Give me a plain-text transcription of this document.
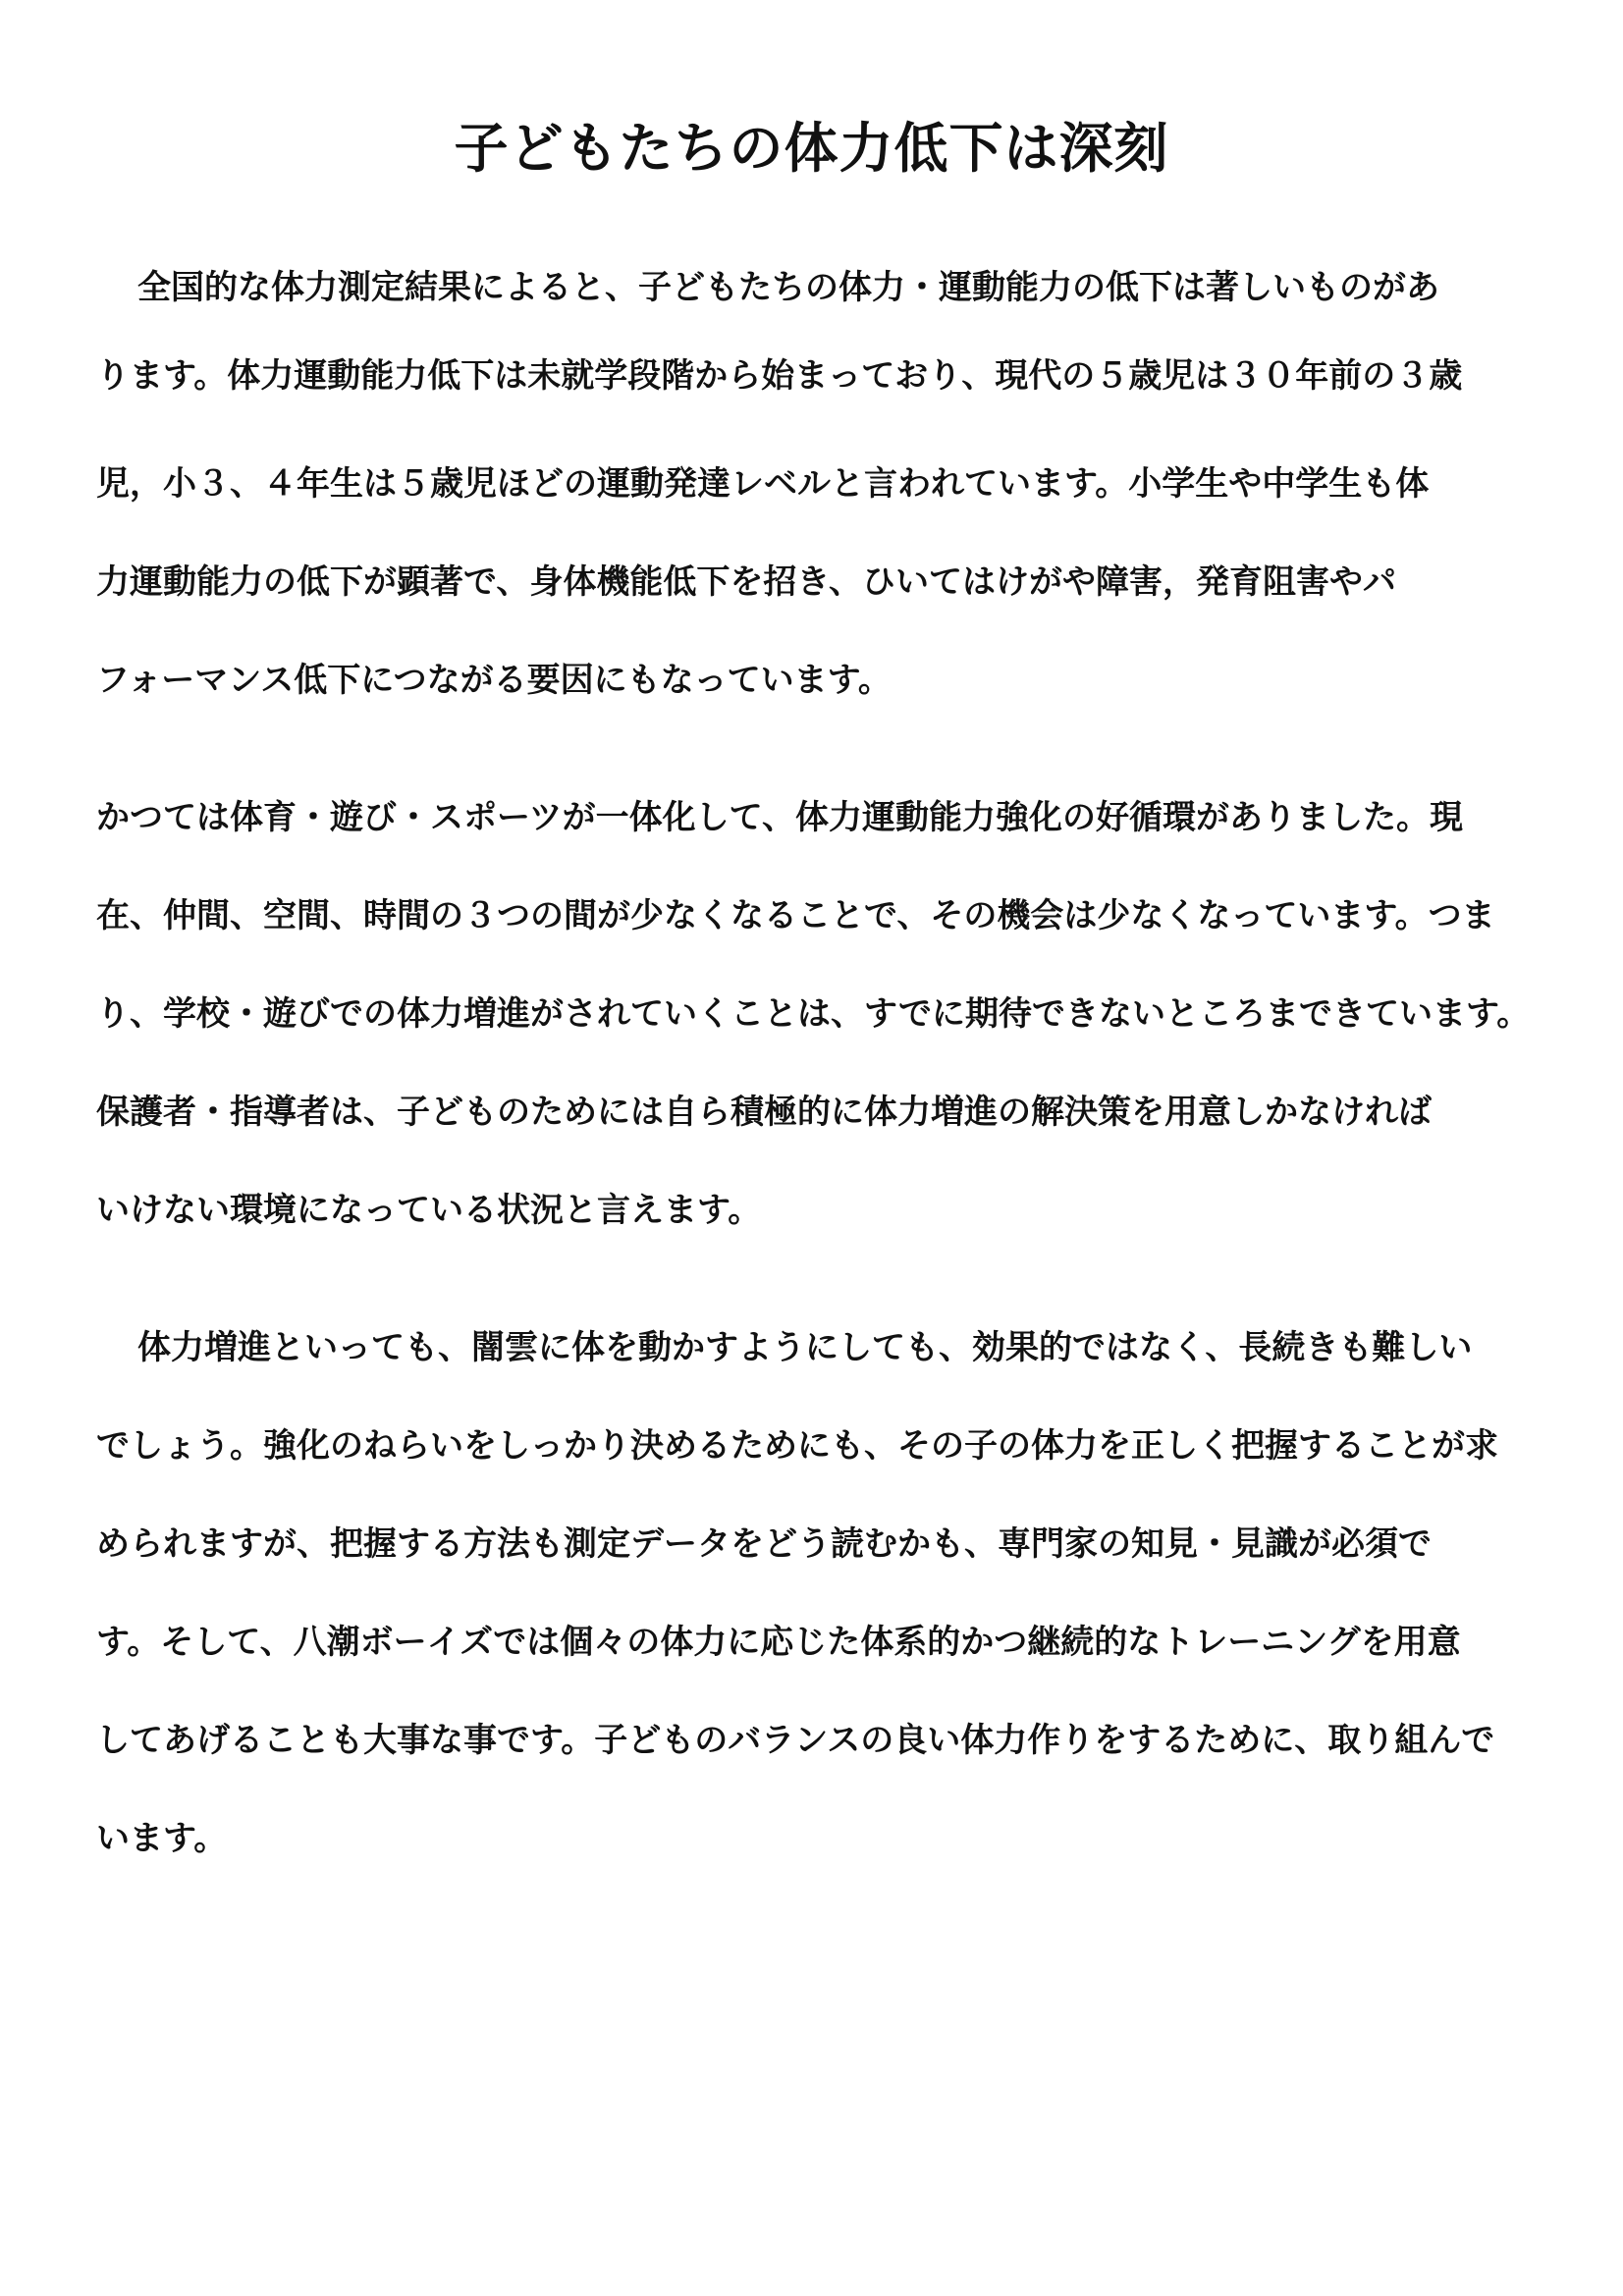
子どもたちの体力低下は深刻

全国的な体力測定結果によると、子どもたちの体力・運動能力の低下は著しいものがあ

ります。体力運動能力低下は未就学段階から始まっており、現代の５歳児は３０年前の３歳

児，小３、４年生は５歳児ほどの運動発達レベルと言われています。小学生や中学生も体

力運動能力の低下が顕著で、身体機能低下を招き、ひいてはけがや障害，発育阻害やパ

フォーマンス低下につながる要因にもなっています。

かつては体育・遊び・スポーツが一体化して、体力運動能力強化の好循環がありました。現

在、仲間、空間、時間の３つの間が少なくなることで、その機会は少なくなっています。つま

り、学校・遊びでの体力増進がされていくことは、すでに期待できないところまできています。

保護者・指導者は、子どものためには自ら積極的に体力増進の解決策を用意しかなければ

いけない環境になっている状況と言えます。

体力増進といっても、闇雲に体を動かすようにしても、効果的ではなく、長続きも難しい

でしょう。強化のねらいをしっかり決めるためにも、その子の体力を正しく把握することが求

められますが、把握する方法も測定データをどう読むかも、専門家の知見・見識が必須で

す。そして、八潮ボーイズでは個々の体力に応じた体系的かつ継続的なトレーニングを用意

してあげることも大事な事です。子どものバランスの良い体力作りをするために、取り組んで

います。
